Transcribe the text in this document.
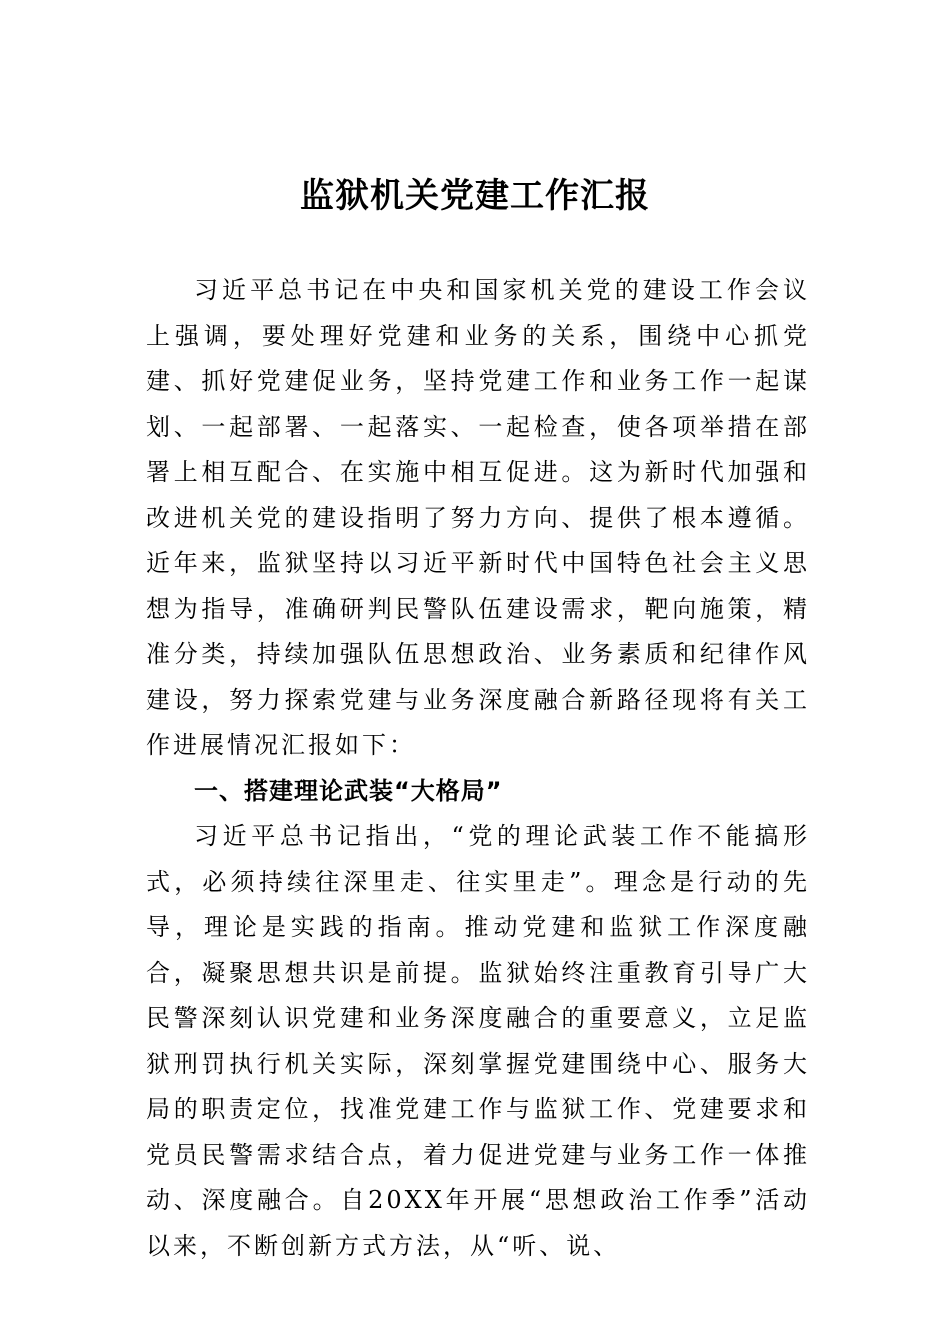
监狱机关党建工作汇报

习近平总书记在中央和国家机关党的建设工作会议上强调，要处理好党建和业务的关系，围绕中心抓党建、抓好党建促业务，坚持党建工作和业务工作一起谋划、一起部署、一起落实、一起检查，使各项举措在部署上相互配合、在实施中相互促进。这为新时代加强和改进机关党的建设指明了努力方向、提供了根本遵循。近年来，监狱坚持以习近平新时代中国特色社会主义思想为指导，准确研判民警队伍建设需求，靶向施策，精准分类，持续加强队伍思想政治、业务素质和纪律作风建设，努力探索党建与业务深度融合新路径现将有关工作进展情况汇报如下：

一、搭建理论武装“大格局”

习近平总书记指出，“党的理论武装工作不能搞形式，必须持续往深里走、往实里走”。理念是行动的先导，理论是实践的指南。推动党建和监狱工作深度融合，凝聚思想共识是前提。监狱始终注重教育引导广大民警深刻认识党建和业务深度融合的重要意义，立足监狱刑罚执行机关实际，深刻掌握党建围绕中心、服务大局的职责定位，找准党建工作与监狱工作、党建要求和党员民警需求结合点，着力促进党建与业务工作一体推动、深度融合。自20XX年开展“思想政治工作季”活动以来，不断创新方式方法，从“听、说、
